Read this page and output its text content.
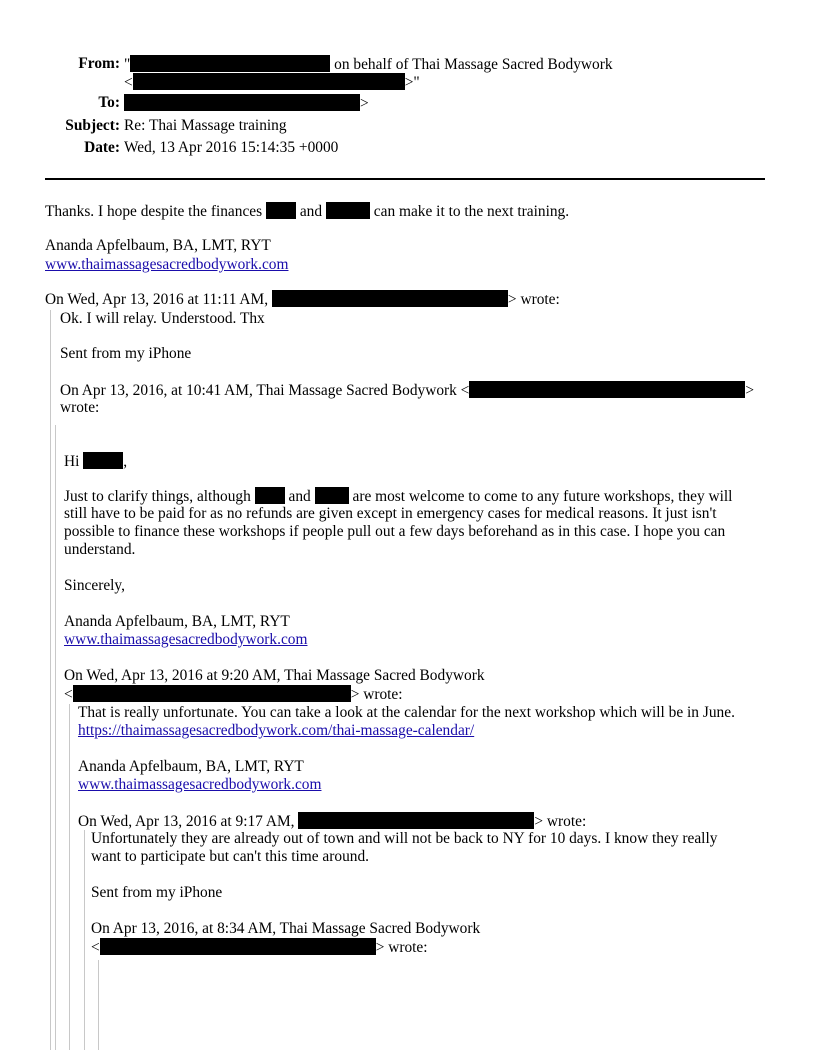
From: "	on behalf of Thai Massage Sacred Bodywork
<	>"
To:	>
Subject: Re: Thai Massage training
Date: Wed, 13 Apr 2016 15:14:35 +0000
Thanks. I hope despite the finances and	can make it to the next training.
Ananda Apfelbaum, BA, LMT, RYT
www.thaimassagesacredbodywork.com
On Wed, Apr 13, 2016 at 11:11 AM,	> wrote:
Ok. I will relay. Understood. Thx
Sent from my iPhone
On Apr 13, 2016, at 10:41 AM, Thai Massage Sacred Bodywork <	>
wrote:
Hi	,
Just to clarify things, although and	are most welcome to come to any future workshops, they will
still have to be paid for as no refunds are given except in emergency cases for medical reasons. It just isn't
possible to finance these workshops if people pull out a few days beforehand as in this case. I hope you can
understand.
Sincerely,
Ananda Apfelbaum, BA, LMT, RYT
www.thaimassagesacredbodywork.com
On Wed, Apr 13, 2016 at 9:20 AM, Thai Massage Sacred Bodywork
<	> wrote:
That is really unfortunate. You can take a look at the calendar for the next workshop which will be in June.
https://thaimassagesacredbodywork.com/thai-massage-calendar/
Ananda Apfelbaum, BA, LMT, RYT
www.thaimassagesacredbodywork.com
On Wed, Apr 13, 2016 at 9:17 AM,	> wrote:
Unfortunately they are already out of town and will not be back to NY for 10 days. I know they really
want to participate but can't this time around.
Sent from my iPhone
On Apr 13, 2016, at 8:34 AM, Thai Massage Sacred Bodywork
<	> wrote:
